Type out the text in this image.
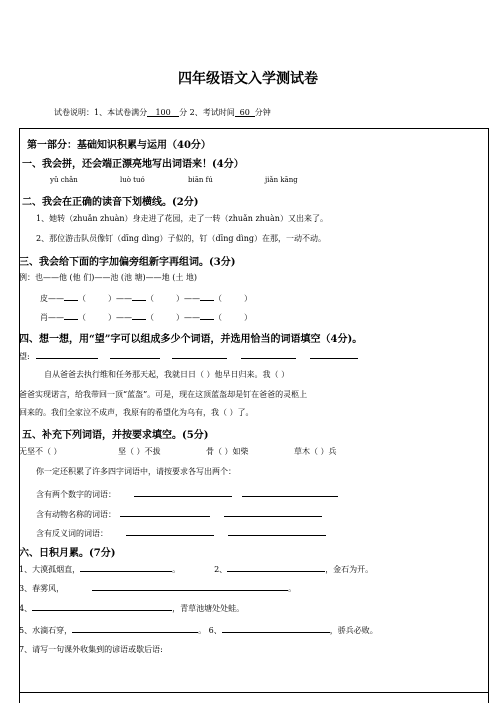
四年级语文入学测试卷
试卷说明：1、本试卷满分 100 分 2、考试时间 60 分钟
第一部分：基础知识积累与运用（40分）
一、我会拼，还会端正漂亮地写出词语来！(4分）
yǔ chǎn	luò tuó	biān fú	jiǎn kāng
二、我会在正确的读音下划横线。(2分)
1、她转（zhuǎn zhuàn）身走进了花园，走了一转（zhuǎn zhuàn）又出来了。
2、那位游击队员像钉（dīng dìng）子似的，钉（dīng dìng）在那，一动不动。
三、我会给下面的字加偏旁组新字再组词。(3分)
例：也——他 (他 们)——池 (池 塘)——地 (土 地)
皮—— （	）—— （	）—— （	）
肖—— （	）—— （	）—— （	）
四、想一想，用“望”字可以组成多少个词语，并选用恰当的词语填空（4分)。
望:
自从爸爸去执行维和任务那天起，我就日日（ ）他早日归来。我（ ）
爸爸实现诺言，给我带回一顶“蓝盔”。可是，现在这顶蓝盔却是钉在爸爸的灵柩上
回来的。我们全家泣不成声，我原有的希望化为乌有，我（ ）了。
五、补充下列词语，并按要求填空。(5分)
无坚不（ ）	坚（ ）不拔	骨（ ）如柴	草木（ ）兵
你一定还积累了许多四字词语中，请按要求各写出两个：
含有两个数字的词语：
含有动物名称的词语：
含有反义词的词语：
六、日积月累。(7分)
1、大漠孤烟直，	。	2、	，金石为开。
3、春雾风，	。
4、	，青草池塘处处蛙。
5、水滴石穿，	。 6、	，骄兵必败。
7、请写一句课外收集到的谚语或歇后语:
